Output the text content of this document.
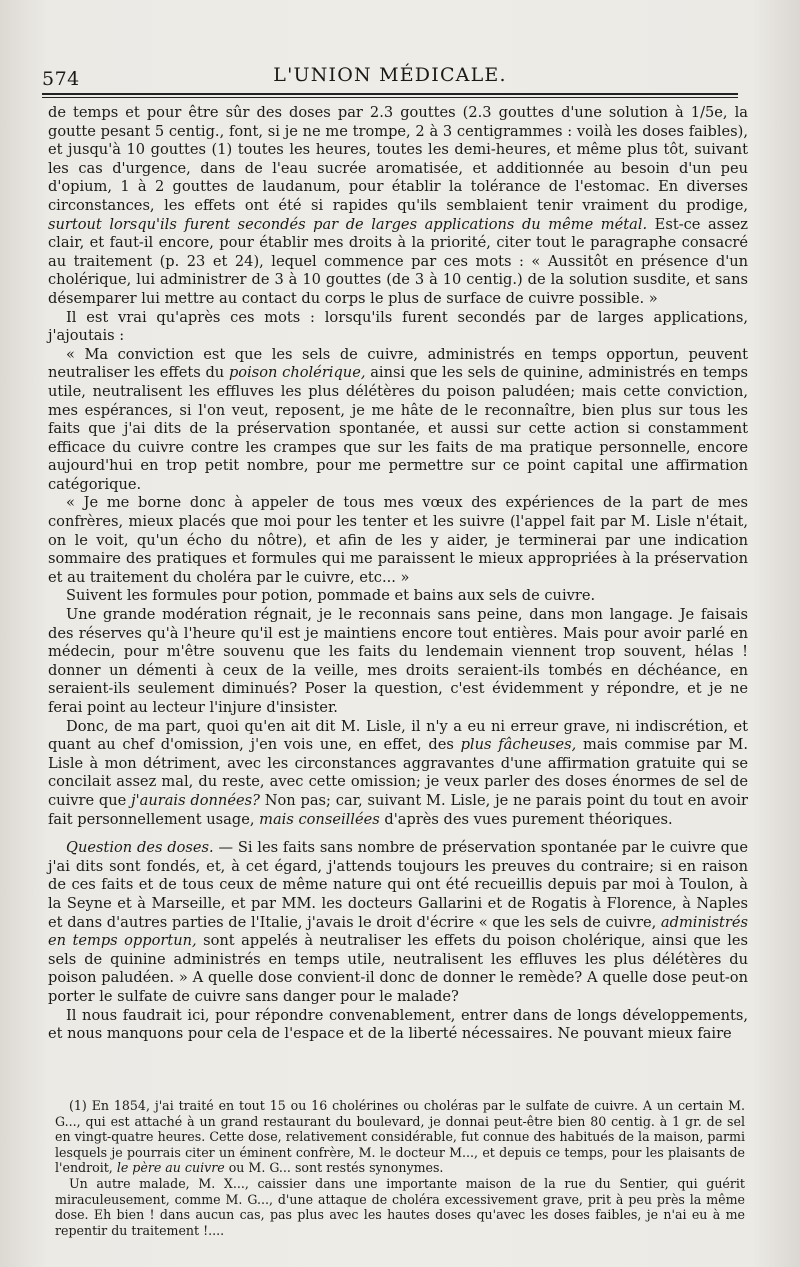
574	L'UNION MÉDICALE.

de temps et pour être sûr des doses par 2.3 gouttes (2.3 gouttes d'une solution à 1/5e, la goutte pesant 5 centig., font, si je ne me trompe, 2 à 3 centigrammes : voilà les doses faibles), et jusqu'à 10 gouttes (1) toutes les heures, toutes les demi-heures, et même plus tôt, suivant les cas d'urgence, dans de l'eau sucrée aromatisée, et additionnée au besoin d'un peu d'opium, 1 à 2 gouttes de laudanum, pour établir la tolérance de l'estomac. En diverses circonstances, les effets ont été si rapides qu'ils semblaient tenir vraiment du prodige, surtout lorsqu'ils furent secondés par de larges applications du même métal. Est-ce assez clair, et faut-il encore, pour établir mes droits à la priorité, citer tout le paragraphe consacré au traitement (p. 23 et 24), lequel commence par ces mots : « Aussitôt en présence d'un cholérique, lui administrer de 3 à 10 gouttes (de 3 à 10 centig.) de la solution susdite, et sans désemparer lui mettre au contact du corps le plus de surface de cuivre possible. »

Il est vrai qu'après ces mots : lorsqu'ils furent secondés par de larges applications, j'ajoutais :

« Ma conviction est que les sels de cuivre, administrés en temps opportun, peuvent neutraliser les effets du poison cholérique, ainsi que les sels de quinine, administrés en temps utile, neutralisent les effluves les plus délétères du poison paludéen; mais cette conviction, mes espérances, si l'on veut, reposent, je me hâte de le reconnaître, bien plus sur tous les faits que j'ai dits de la préservation spontanée, et aussi sur cette action si constamment efficace du cuivre contre les crampes que sur les faits de ma pratique personnelle, encore aujourd'hui en trop petit nombre, pour me permettre sur ce point capital une affirmation catégorique.

« Je me borne donc à appeler de tous mes vœux des expériences de la part de mes confrères, mieux placés que moi pour les tenter et les suivre (l'appel fait par M. Lisle n'était, on le voit, qu'un écho du nôtre), et afin de les y aider, je terminerai par une indication sommaire des pratiques et formules qui me paraissent le mieux appropriées à la préservation et au traitement du choléra par le cuivre, etc... »

Suivent les formules pour potion, pommade et bains aux sels de cuivre.

Une grande modération régnait, je le reconnais sans peine, dans mon langage. Je faisais des réserves qu'à l'heure qu'il est je maintiens encore tout entières. Mais pour avoir parlé en médecin, pour m'être souvenu que les faits du lendemain viennent trop souvent, hélas ! donner un démenti à ceux de la veille, mes droits seraient-ils tombés en déchéance, en seraient-ils seulement diminués? Poser la question, c'est évidemment y répondre, et je ne ferai point au lecteur l'injure d'insister.

Donc, de ma part, quoi qu'en ait dit M. Lisle, il n'y a eu ni erreur grave, ni indiscrétion, et quant au chef d'omission, j'en vois une, en effet, des plus fâcheuses, mais commise par M. Lisle à mon détriment, avec les circonstances aggravantes d'une affirmation gratuite qui se concilait assez mal, du reste, avec cette omission; je veux parler des doses énormes de sel de cuivre que j'aurais données? Non pas; car, suivant M. Lisle, je ne parais point du tout en avoir fait personnellement usage, mais conseillées d'après des vues purement théoriques.

Question des doses. — Si les faits sans nombre de préservation spontanée par le cuivre que j'ai dits sont fondés, et, à cet égard, j'attends toujours les preuves du contraire; si en raison de ces faits et de tous ceux de même nature qui ont été recueillis depuis par moi à Toulon, à la Seyne et à Marseille, et par MM. les docteurs Gallarini et de Rogatis à Florence, à Naples et dans d'autres parties de l'Italie, j'avais le droit d'écrire « que les sels de cuivre, administrés en temps opportun, sont appelés à neutraliser les effets du poison cholérique, ainsi que les sels de quinine administrés en temps utile, neutralisent les effluves les plus délétères du poison paludéen. » A quelle dose convient-il donc de donner le remède? A quelle dose peut-on porter le sulfate de cuivre sans danger pour le malade?

Il nous faudrait ici, pour répondre convenablement, entrer dans de longs développements, et nous manquons pour cela de l'espace et de la liberté nécessaires. Ne pouvant mieux faire

(1) En 1854, j'ai traité en tout 15 ou 16 cholérines ou choléras par le sulfate de cuivre. A un certain M. G..., qui est attaché à un grand restaurant du boulevard, je donnai peut-être bien 80 centig. à 1 gr. de sel en vingt-quatre heures. Cette dose, relativement considérable, fut connue des habitués de la maison, parmi lesquels je pourrais citer un éminent confrère, M. le docteur M..., et depuis ce temps, pour les plaisants de l'endroit, le père au cuivre ou M. G... sont restés synonymes.

Un autre malade, M. X..., caissier dans une importante maison de la rue du Sentier, qui guérit miraculeusement, comme M. G..., d'une attaque de choléra excessivement grave, prit à peu près la même dose. Eh bien ! dans aucun cas, pas plus avec les hautes doses qu'avec les doses faibles, je n'ai eu à me repentir du traitement !....
